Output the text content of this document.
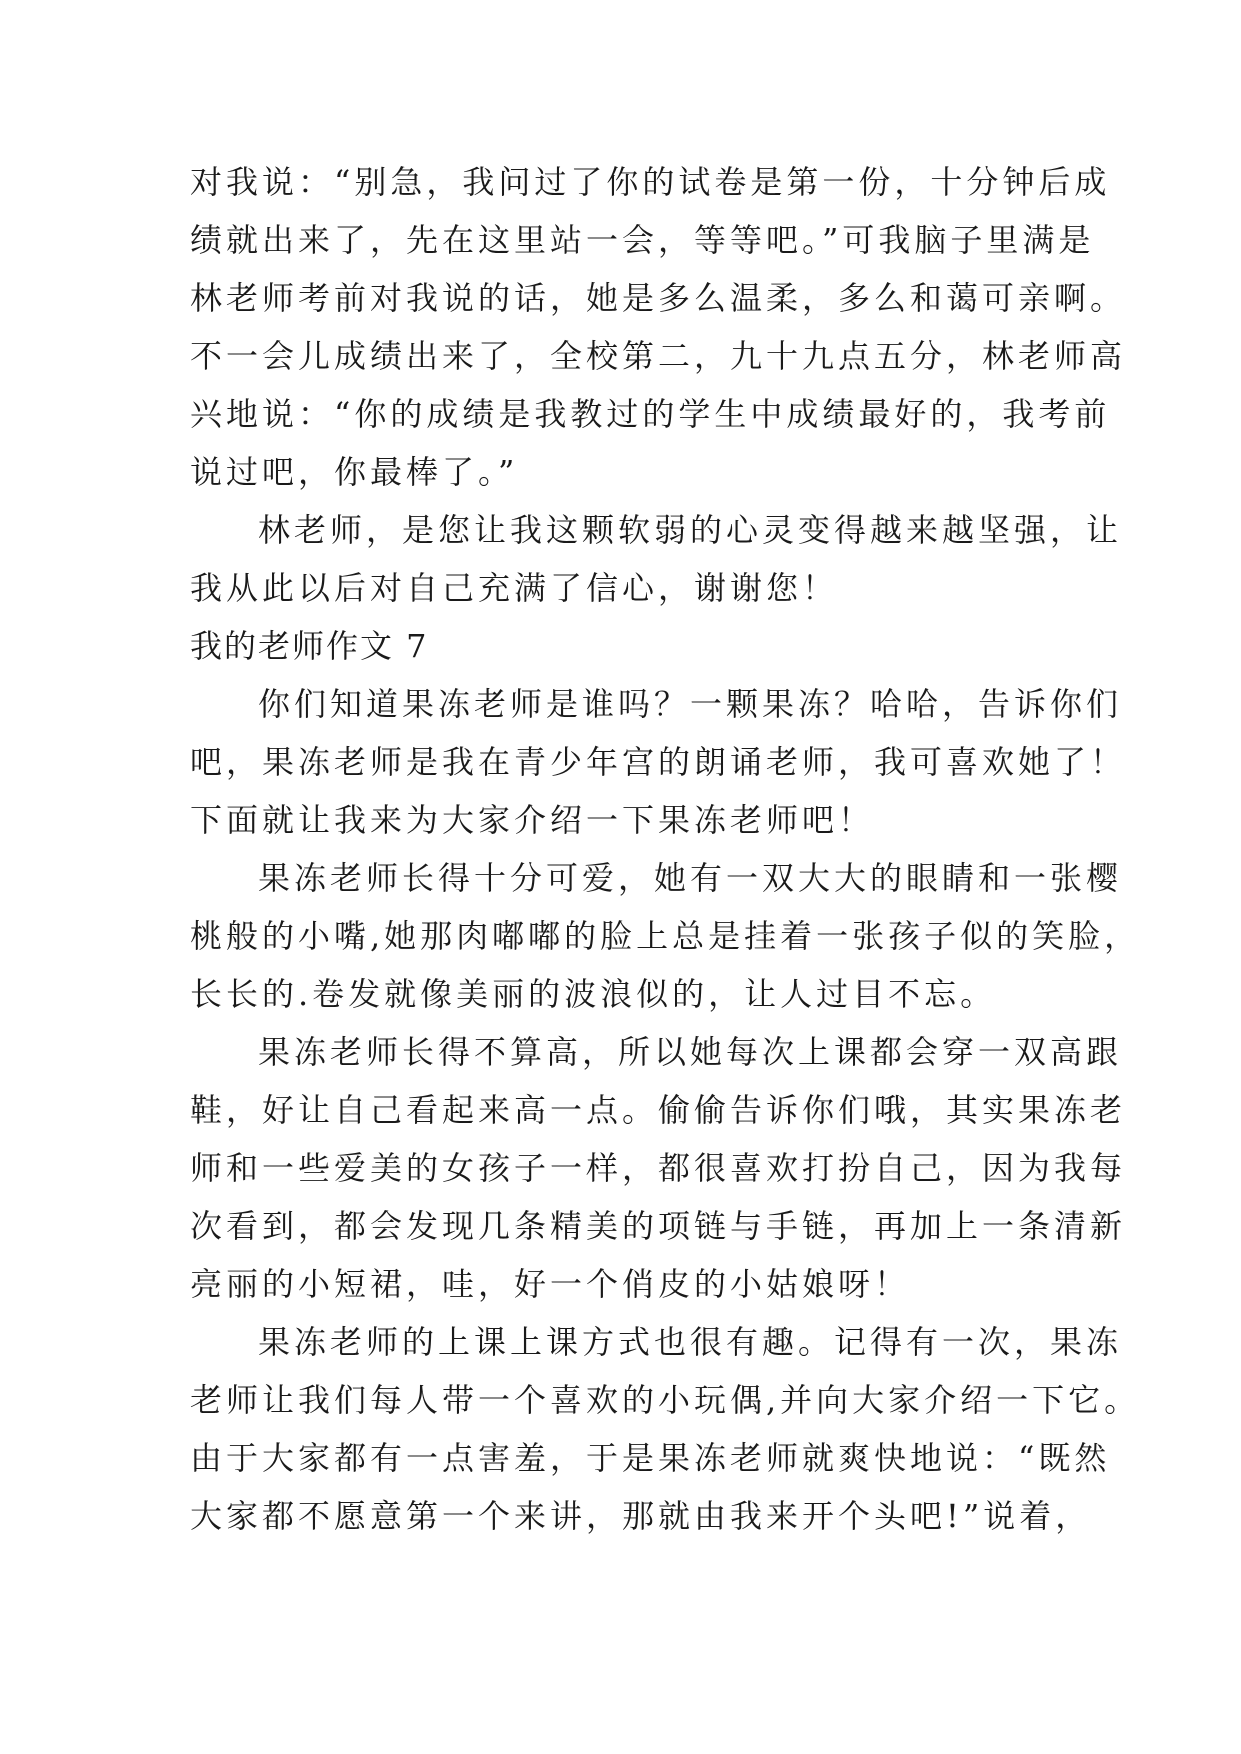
对我说：“别急，我问过了你的试卷是第一份，十分钟后成
绩就出来了，先在这里站一会，等等吧。”可我脑子里满是
林老师考前对我说的话，她是多么温柔，多么和蔼可亲啊。
不一会儿成绩出来了，全校第二，九十九点五分，林老师高
兴地说：“你的成绩是我教过的学生中成绩最好的，我考前
说过吧，你最棒了。”
林老师，是您让我这颗软弱的心灵变得越来越坚强，让
我从此以后对自己充满了信心，谢谢您！
我的老师作文 7
你们知道果冻老师是谁吗？一颗果冻？哈哈，告诉你们
吧，果冻老师是我在青少年宫的朗诵老师，我可喜欢她了！
下面就让我来为大家介绍一下果冻老师吧！
果冻老师长得十分可爱，她有一双大大的眼睛和一张樱
桃般的小嘴,她那肉嘟嘟的脸上总是挂着一张孩子似的笑脸，
长长的.卷发就像美丽的波浪似的，让人过目不忘。
果冻老师长得不算高，所以她每次上课都会穿一双高跟
鞋，好让自己看起来高一点。偷偷告诉你们哦，其实果冻老
师和一些爱美的女孩子一样，都很喜欢打扮自己，因为我每
次看到，都会发现几条精美的项链与手链，再加上一条清新
亮丽的小短裙，哇，好一个俏皮的小姑娘呀！
果冻老师的上课上课方式也很有趣。记得有一次，果冻
老师让我们每人带一个喜欢的小玩偶,并向大家介绍一下它。
由于大家都有一点害羞，于是果冻老师就爽快地说：“既然
大家都不愿意第一个来讲，那就由我来开个头吧!”说着，
